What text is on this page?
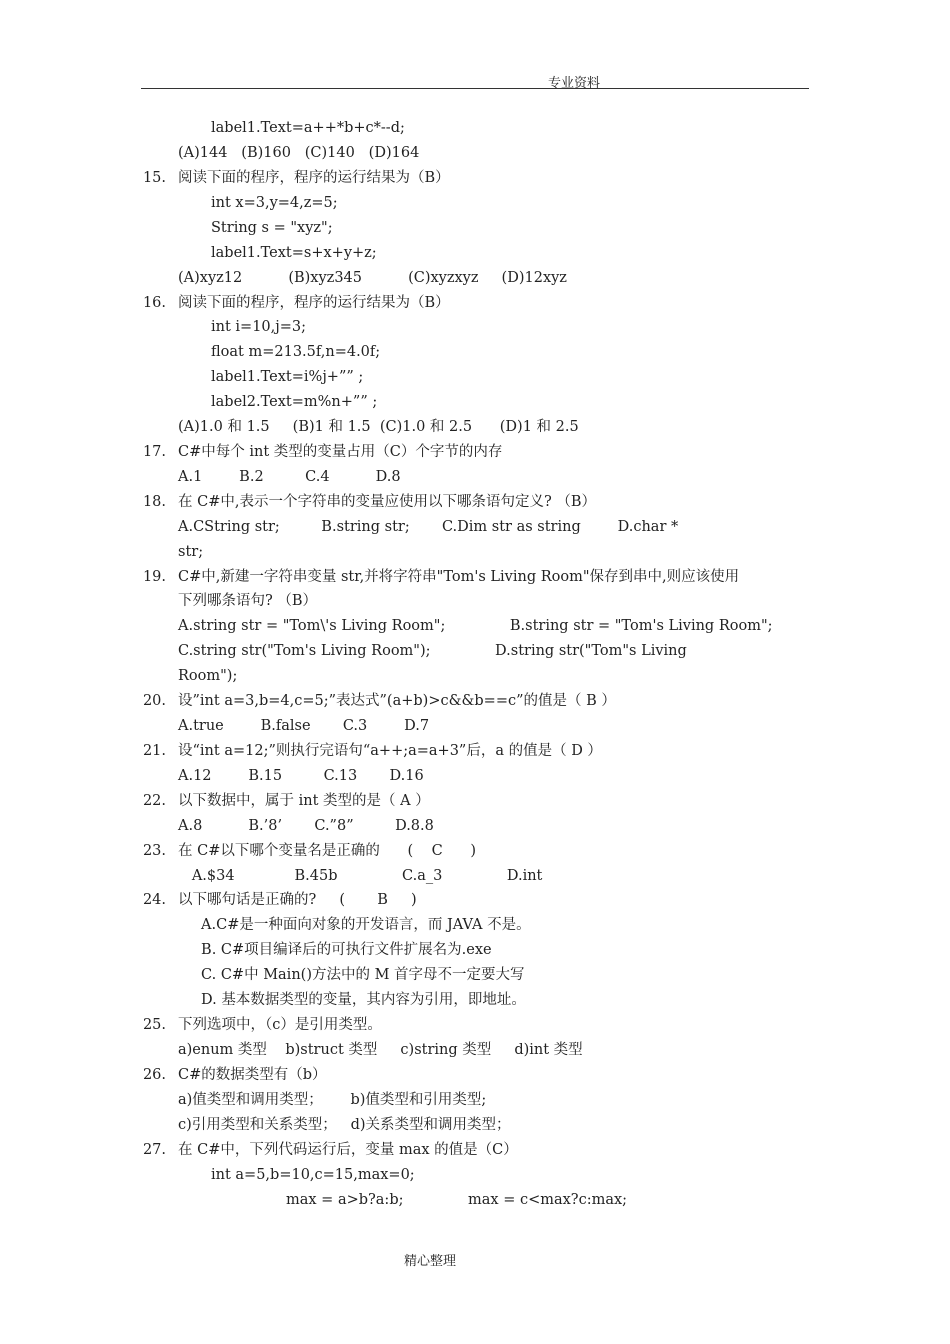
专业资料
label1.Text=a++*b+c*--d;
(A)144   (B)160   (C)140   (D)164
15. 阅读下面的程序，程序的运行结果为（B）
int x=3,y=4,z=5;
String s = "xyz";
label1.Text=s+x+y+z;
(A)xyz12          (B)xyz345          (C)xyzxyz     (D)12xyz
16. 阅读下面的程序，程序的运行结果为（B）
int i=10,j=3;
float m=213.5f,n=4.0f;
label1.Text=i%j+”” ;
label2.Text=m%n+”” ;
(A)1.0 和 1.5     (B)1 和 1.5  (C)1.0 和 2.5      (D)1 和 2.5
17. C#中每个 int 类型的变量占用（C）个字节的内存
A.1        B.2         C.4          D.8
18. 在 C#中,表示一个字符串的变量应使用以下哪条语句定义? （B）
A.CString str;         B.string str;       C.Dim str as string        D.char *
str;
19. C#中,新建一字符串变量 str,并将字符串"Tom's Living Room"保存到串中,则应该使用
下列哪条语句? （B）
A.string str = "Tom\'s Living Room";              B.string str = "Tom's Living Room";
C.string str("Tom's Living Room");              D.string str("Tom"s Living
Room");
20. 设”int a=3,b=4,c=5;”表达式”(a+b)>c&&b==c”的值是（ B ）
A.true        B.false       C.3        D.7
21. 设“int a=12;”则执行完语句“a++;a=a+3”后，a 的值是（ D ）
A.12        B.15         C.13       D.16
22. 以下数据中，属于 int 类型的是（ A ）
A.8          B.’8’       C.”8”         D.8.8
23. 在 C#以下哪个变量名是正确的      (    C      )
A.$34             B.45b              C.a_3              D.int
24. 以下哪句话是正确的?     (       B     )
A.C#是一种面向对象的开发语言，而 JAVA 不是。
B. C#项目编译后的可执行文件扩展名为.exe
C. C#中 Main()方法中的 M 首字母不一定要大写
D. 基本数据类型的变量，其内容为引用，即地址。
25. 下列选项中，（c）是引用类型。
a)enum 类型    b)struct 类型     c)string 类型     d)int 类型
26. C#的数据类型有（b）
a)值类型和调用类型；      b)值类型和引用类型;
c)引用类型和关系类型；   d)关系类型和调用类型；
27. 在 C#中，下列代码运行后，变量 max 的值是（C）
int a=5,b=10,c=15,max=0;
max = a>b?a:b;              max = c<max?c:max;
精心整理
